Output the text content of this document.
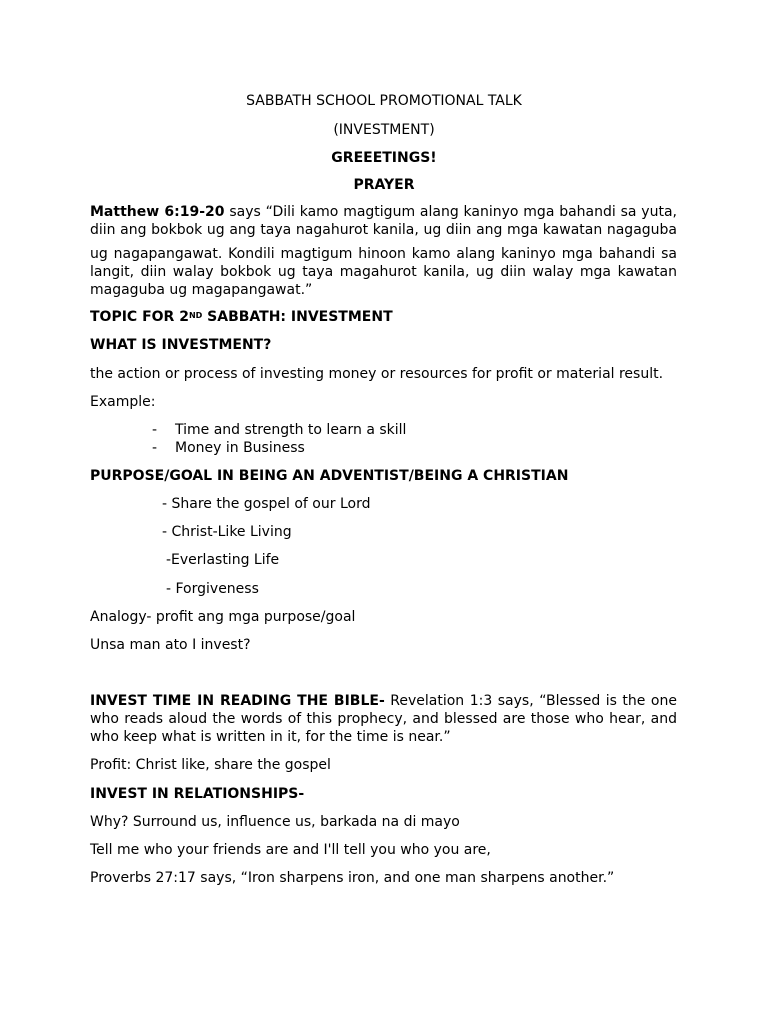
SABBATH SCHOOL PROMOTIONAL TALK

(INVESTMENT)

GREEETINGS!

PRAYER

Matthew 6:19-20 says “Dili kamo magtigum alang kaninyo mga bahandi sa yuta,

diin ang bokbok ug ang taya nagahurot kanila, ug diin ang mga kawatan nagaguba

ug nagapangawat. Kondili magtigum hinoon kamo alang kaninyo mga bahandi sa

langit, diin walay bokbok ug taya magahurot kanila, ug diin walay mga kawatan

magaguba ug magapangawat.”

TOPIC FOR 2ND SABBATH: INVESTMENT

WHAT IS INVESTMENT?

the action or process of investing money or resources for profit or material result.

Example:

- Time and strength to learn a skill
- Money in Business

PURPOSE/GOAL IN BEING AN ADVENTIST/BEING A CHRISTIAN

- Share the gospel of our Lord
- Christ-Like Living
-Everlasting Life
- Forgiveness

Analogy- profit ang mga purpose/goal

Unsa man ato I invest?

INVEST TIME IN READING THE BIBLE- Revelation 1:3 says, “Blessed is the one

who reads aloud the words of this prophecy, and blessed are those who hear, and

who keep what is written in it, for the time is near.”

Profit: Christ like, share the gospel

INVEST IN RELATIONSHIPS-

Why? Surround us, influence us, barkada na di mayo

Tell me who your friends are and I'll tell you who you are,

Proverbs 27:17 says, “Iron sharpens iron, and one man sharpens another.”
